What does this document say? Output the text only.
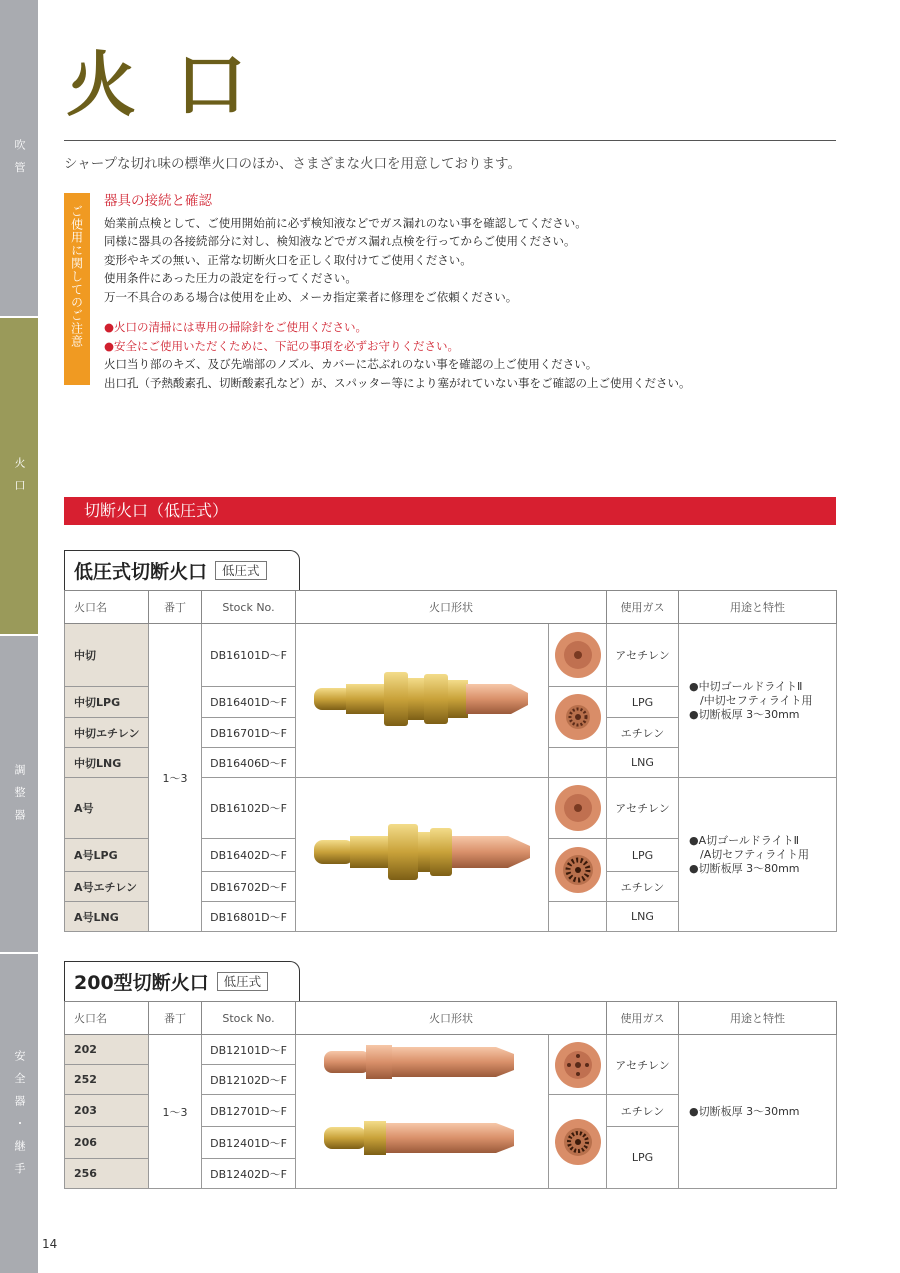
吹 管
火 口
調 整 器
安 全 器 ・ 継 手
火口
シャープな切れ味の標準火口のほか、さまざまな火口を用意しております。
ご使用に関してのご注意
器具の接続と確認
始業前点検として、ご使用開始前に必ず検知液などでガス漏れのない事を確認してください。
同様に器具の各接続部分に対し、検知液などでガス漏れ点検を行ってからご使用ください。
変形やキズの無い、正常な切断火口を正しく取付けてご使用ください。
使用条件にあった圧力の設定を行ってください。
万一不具合のある場合は使用を止め、メーカ指定業者に修理をご依頼ください。
●火口の清掃には専用の掃除針をご使用ください。
●安全にご使用いただくために、下記の事項を必ずお守りください。
火口当り部のキズ、及び先端部のノズル、カバーに芯ぶれのない事を確認の上ご使用ください。
出口孔（予熱酸素孔、切断酸素孔など）が、スパッター等により塞がれていない事をご確認の上ご使用ください。
切断火口（低圧式）
低圧式切断火口	低圧式
火口名	番丁	Stock No.	火口形状		使用ガス	用途と特性
中切	1〜3	DB16101D〜F			アセチレン	●中切ゴールドライトⅡ
　/中切セフティライト用
●切断板厚 3〜30mm

中切LPG		DB16401D〜F			LPG	
中切エチレン		DB16701D〜F			エチレン	
中切LNG		DB16406D〜F			LNG	
A号		DB16102D〜F			アセチレン	●A切ゴールドライトⅡ
　/A切セフティライト用
●切断板厚 3〜80mm

A号LPG		DB16402D〜F			LPG	
A号エチレン		DB16702D〜F			エチレン	
A号LNG		DB16801D〜F			LNG	
200型切断火口	低圧式
火口名	番丁	Stock No.	火口形状		使用ガス	用途と特性
202	1〜3	DB12101D〜F			アセチレン	●切断板厚 3〜30mm

252		DB12102D〜F				
203		DB12701D〜F			エチレン	
206		DB12401D〜F			LPG	
256		DB12402D〜F				
14
